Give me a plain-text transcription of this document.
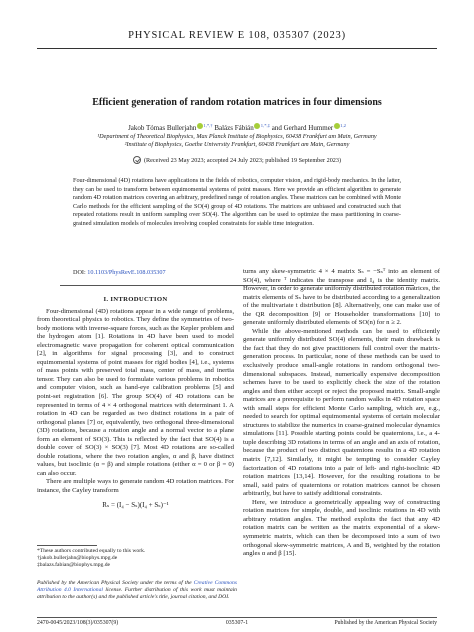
PHYSICAL REVIEW E 108, 035307 (2023)
Efficient generation of random rotation matrices in four dimensions
Jakob Tómas Bullerjahn $^{1,*,\dagger}$ Balázs Fábián $^{1,*,\ddagger}$ and Gerhard Hummer $^{1,2}$
¹Department of Theoretical Biophysics, Max Planck Institute of Biophysics, 60438 Frankfurt am Main, Germany
²Institute of Biophysics, Goethe University Frankfurt, 60438 Frankfurt am Main, Germany
(Received 23 May 2023; accepted 24 July 2023; published 19 September 2023)
Four-dimensional (4D) rotations have applications in the fields of robotics, computer vision, and rigid-body mechanics. In the latter, they can be used to transform between equimomental systems of point masses. Here we provide an efficient algorithm to generate random 4D rotation matrices covering an arbitrary, predefined range of rotation angles. These matrices can be combined with Monte Carlo methods for the efficient sampling of the SO(4) group of 4D rotations. The matrices are unbiased and constructed such that repeated rotations result in uniform sampling over SO(4). The algorithm can be used to optimize the mass partitioning in coarse-grained simulation models of molecules involving coupled constraints for stable time integration.
DOI: 10.1103/PhysRevE.108.035307
I. INTRODUCTION

Four-dimensional (4D) rotations appear in a wide range of problems, from theoretical physics to robotics. They define the symmetries of two-body motions with inverse-square forces, such as the Kepler problem and the hydrogen atom [1]. Rotations in 4D have been used to model electromagnetic wave propagation for coherent optical communication [2], in algorithms for signal processing [3], and to construct equimomental systems of point masses for rigid bodies [4], i.e., systems of mass points with preserved total mass, center of mass, and inertia tensor. They can also be used to formulate various problems in robotics and computer vision, such as hand-eye calibration problems [5] and point-set registration [6]. The group SO(4) of 4D rotations can be represented in terms of 4 × 4 orthogonal matrices with determinant 1. A rotation in 4D can be regarded as two distinct rotations in a pair of orthogonal planes [7] or, equivalently, two orthogonal three-dimensional (3D) rotations, because a rotation angle and a normal vector to a plane form an element of SO(3). This is reflected by the fact that SO(4) is a double cover of SO(3) × SO(3) [7]. Most 4D rotations are so-called double rotations, where the two rotation angles, α and β, have distinct values, but isoclinic (α = β) and simple rotations (either α = 0 or β = 0) can also occur.

There are multiple ways to generate random 4D rotation matrices. For instance, the Cayley transform

Rₛ = (I₄ − Sₛ)(I₄ + Sₛ)⁻¹

turns any skew-symmetric 4 × 4 matrix Sₛ = −Sₛᵀ into an element of SO(4), where ᵀ indicates the transpose and I₄ is the identity matrix. However, in order to generate uniformly distributed rotation matrices, the matrix elements of Sₛ have to be distributed according to a generalization of the multivariate t distribution [8]. Alternatively, one can make use of the QR decomposition [9] or Householder transformations [10] to generate uniformly distributed elements of SO(n) for n ≥ 2.

While the above-mentioned methods can be used to efficiently generate uniformly distributed SO(4) elements, their main drawback is the fact that they do not give practitioners full control over the matrix-generation process. In particular, none of these methods can be used to exclusively produce small-angle rotations in random orthogonal two-dimensional subspaces. Instead, numerically expensive decomposition schemes have to be used to explicitly check the size of the rotation angles and then either accept or reject the proposed matrix. Small-angle matrices are a prerequisite to perform random walks in 4D rotation space with small steps for efficient Monte Carlo sampling, which are, e.g., needed to search for optimal equimomental systems of certain molecular structures to stabilize the numerics in coarse-grained molecular dynamics simulations [11]. Possible starting points could be quaternions, i.e., a 4-tuple describing 3D rotations in terms of an angle and an axis of rotation, because the product of two distinct quaternions results in a 4D rotation matrix [7,12]. Similarly, it might be tempting to consider Cayley factorization of 4D rotations into a pair of left- and right-isoclinic 4D rotation matrices [13,14]. However, for the resulting rotations to be small, said pairs of quaternions or rotation matrices cannot be chosen arbitrarily, but have to satisfy additional constraints.

Here, we introduce a geometrically appealing way of constructing rotation matrices for simple, double, and isoclinic rotations in 4D with arbitrary rotation angles. The method exploits the fact that any 4D rotation matrix can be written as the matrix exponential of a skew-symmetric matrix, which can then be decomposed into a sum of two orthogonal skew-symmetric matrices, A and B, weighted by the rotation angles α and β [15].

*These authors contributed equally to this work.
†jakob.bullerjahn@biophys.mpg.de
‡balazs.fabian@biophys.mpg.de
Published by the American Physical Society under the terms of the Creative Commons Attribution 4.0 International license. Further distribution of this work must maintain attribution to the author(s) and the published article's title, journal citation, and DOI.
2470-0045/2023/108(3)/035307(9)	035307-1	Published by the American Physical Society
